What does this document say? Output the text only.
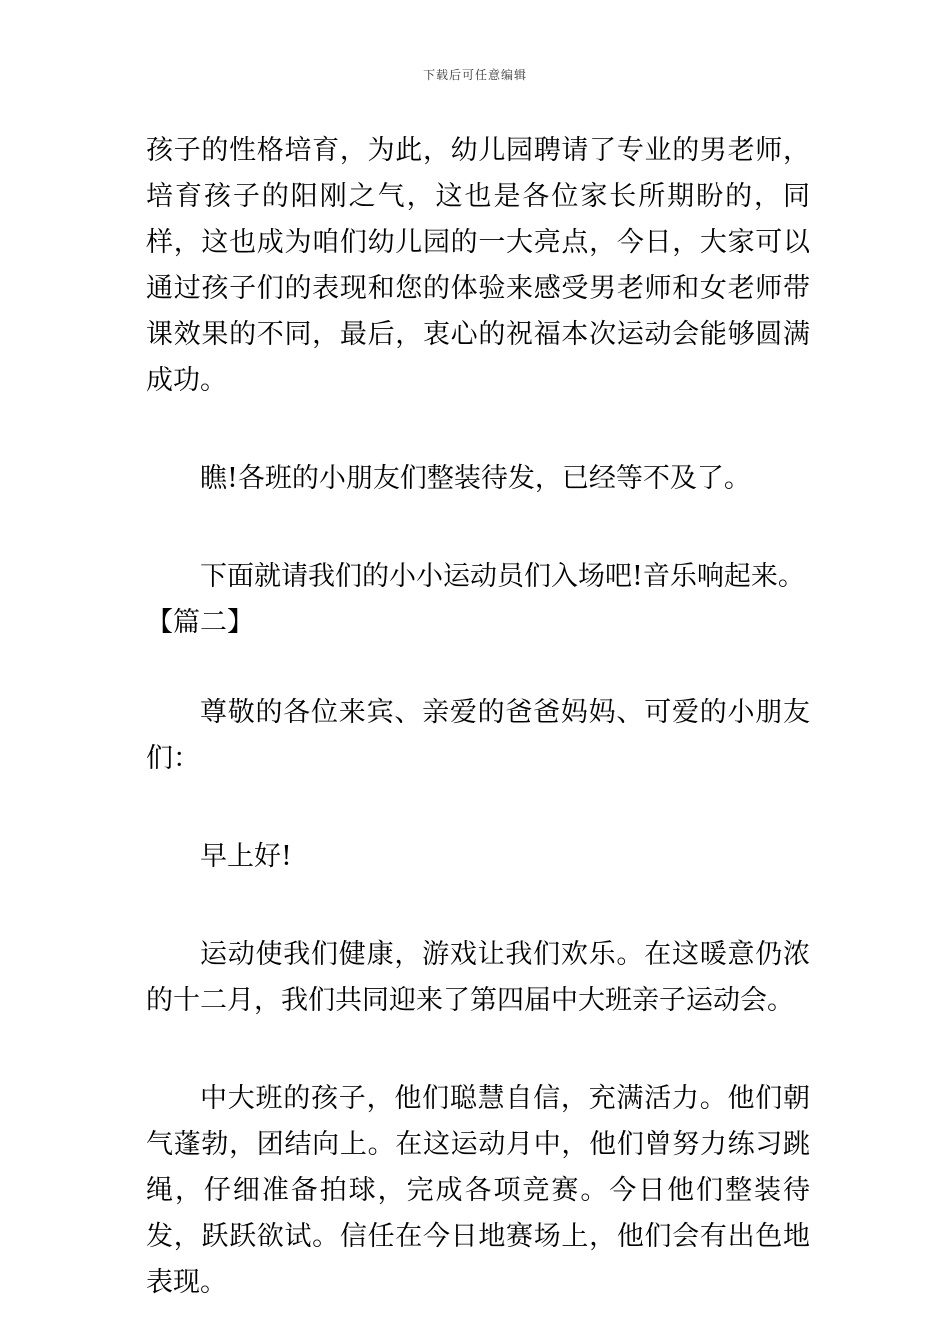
下载后可任意编辑

孩子的性格培育，为此，幼儿园聘请了专业的男老师，培育孩子的阳刚之气，这也是各位家长所期盼的，同样，这也成为咱们幼儿园的一大亮点，今日，大家可以通过孩子们的表现和您的体验来感受男老师和女老师带课效果的不同，最后，衷心的祝福本次运动会能够圆满成功。

瞧!各班的小朋友们整装待发，已经等不及了。

下面就请我们的小小运动员们入场吧!音乐响起来。

【篇二】

尊敬的各位来宾、亲爱的爸爸妈妈、可爱的小朋友们：

早上好!

运动使我们健康，游戏让我们欢乐。在这暖意仍浓的十二月，我们共同迎来了第四届中大班亲子运动会。

中大班的孩子，他们聪慧自信，充满活力。他们朝气蓬勃，团结向上。在这运动月中，他们曾努力练习跳绳，仔细准备拍球，完成各项竞赛。今日他们整装待发，跃跃欲试。信任在今日地赛场上，他们会有出色地表现。
